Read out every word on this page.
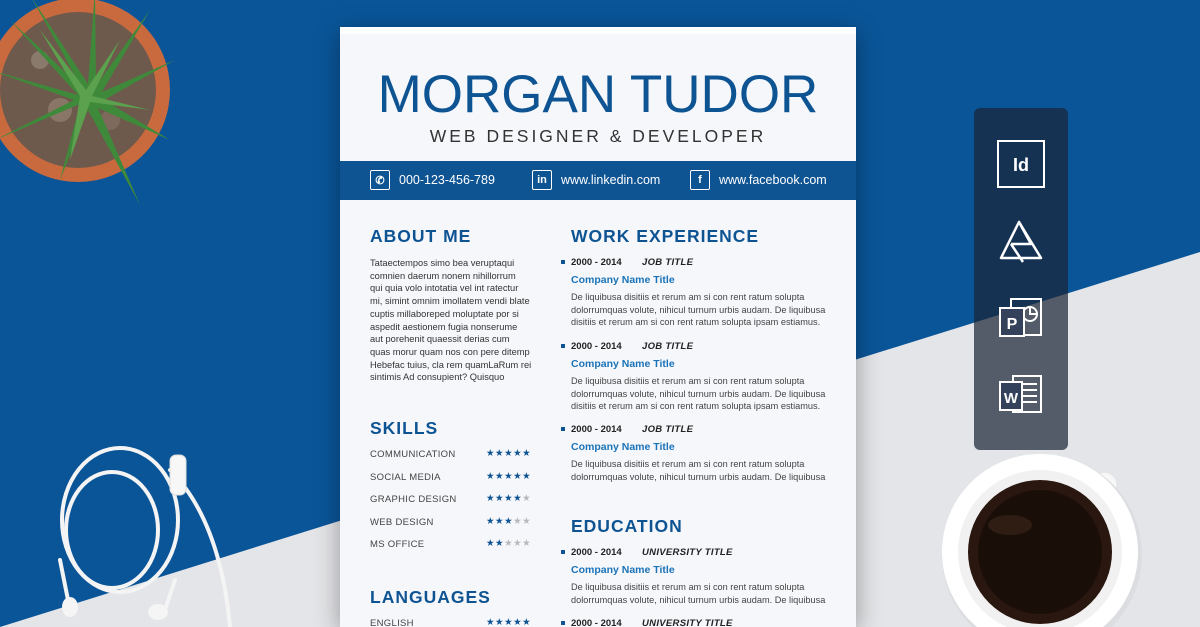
MORGAN TUDOR
WEB DESIGNER & DEVELOPER
✆	000-123-456-789	in	www.linkedin.com	f	www.facebook.com
ABOUT ME
Tataectempos simo bea veruptaqui
comnien daerum nonem nihillorrum
qui quia volo intotatia vel int ratectur
mi, simint omnim imollatem vendi blate
cuptis millaboreped moluptate por si
aspedit aestionem fugia nonserume
aut porehenit quaessit derias cum
quas morur quam nos con pere ditemp
Hebefac tuius, cla rem quamLaRum rei
sintimis Ad consupient? Quisquo
SKILLS
COMMUNICATION	★★★★★
SOCIAL MEDIA	★★★★★
GRAPHIC DESIGN	★★★★★
WEB DESIGN	★★★★★
MS OFFICE	★★★★★
LANGUAGES
ENGLISH	★★★★★
WORK EXPERIENCE
2000 - 2014 JOB TITLE
Company Name Title
De liquibusa disitiis et rerum am si con rent ratum solupta
dolorrumquas volute, nihicul turnum urbis audam. De liquibusa
disitiis et rerum am si con rent ratum solupta ipsam estiamus.
2000 - 2014 JOB TITLE
Company Name Title
De liquibusa disitiis et rerum am si con rent ratum solupta
dolorrumquas volute, nihicul turnum urbis audam. De liquibusa
disitiis et rerum am si con rent ratum solupta ipsam estiamus.
2000 - 2014 JOB TITLE
Company Name Title
De liquibusa disitiis et rerum am si con rent ratum solupta
dolorrumquas volute, nihicul turnum urbis audam. De liquibusa
EDUCATION
2000 - 2014 UNIVERSITY TITLE
Company Name Title
De liquibusa disitiis et rerum am si con rent ratum solupta
dolorrumquas volute, nihicul turnum urbis audam. De liquibusa
2000 - 2014 UNIVERSITY TITLE
Id
P
W
